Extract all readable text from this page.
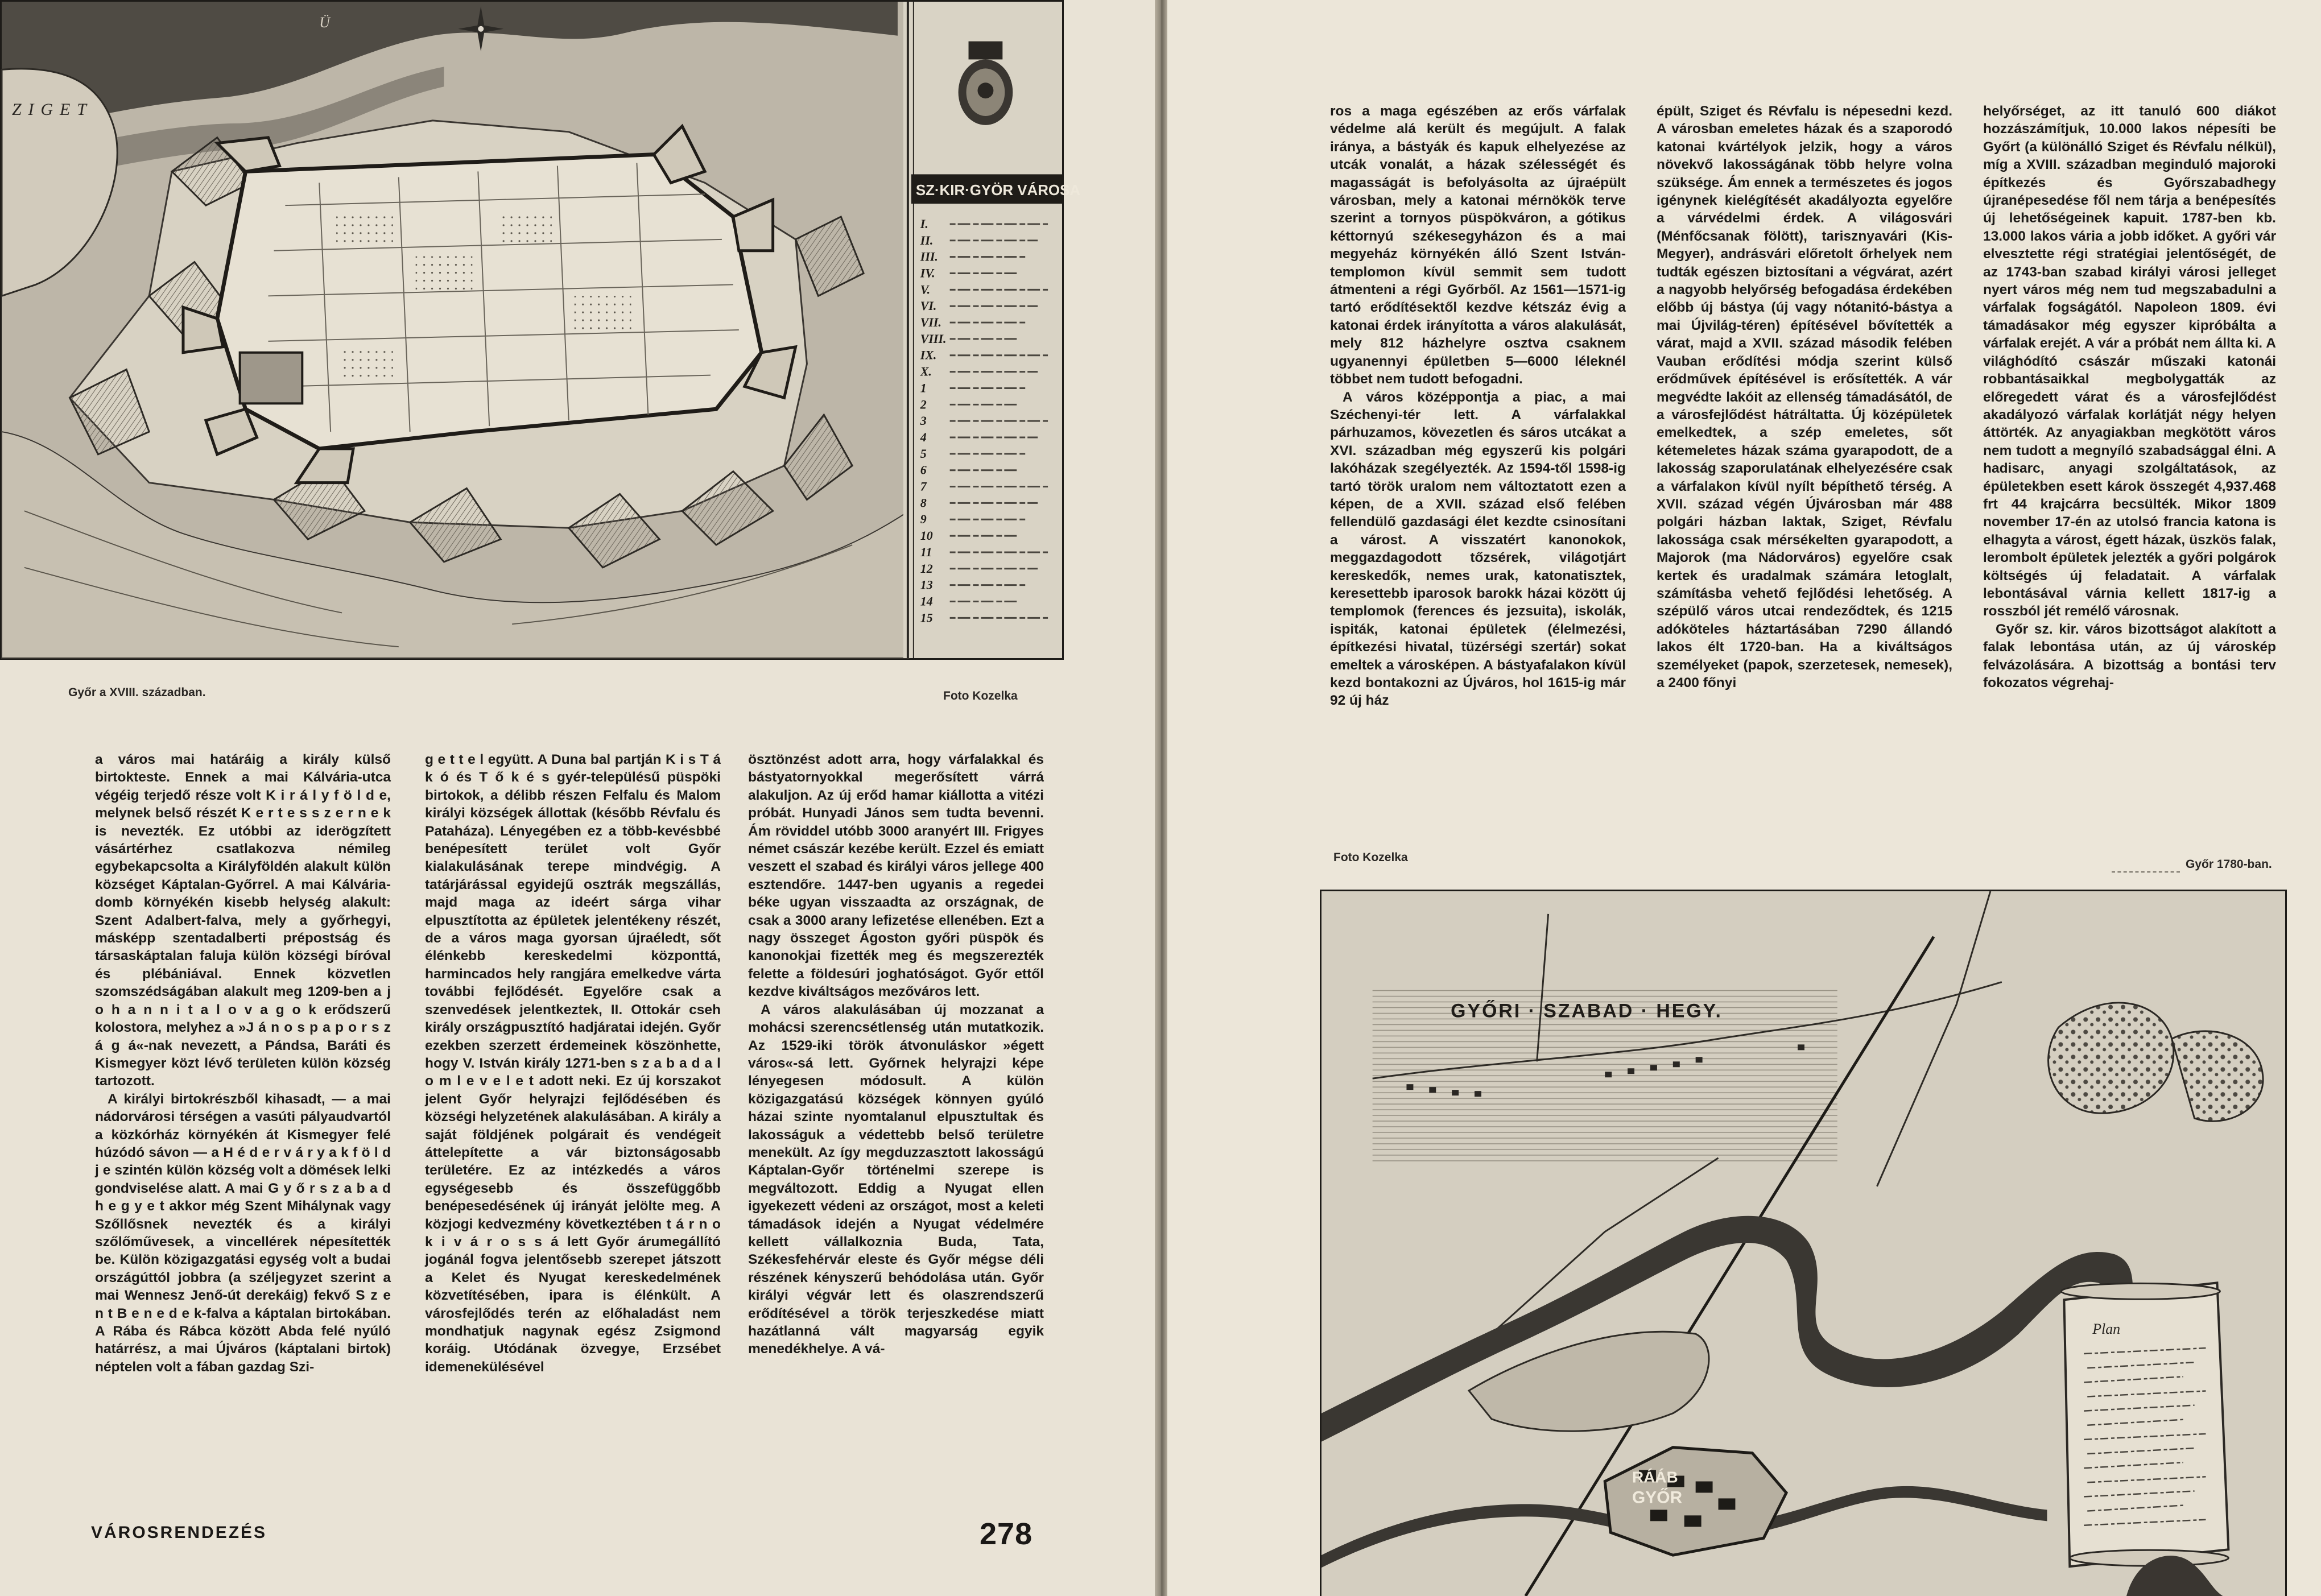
ZIGET
Ü
SZ·KIR·GYÖR VÁROSA
I.
II.
III.
IV.
V.
VI.
VII.
VIII.
IX.
X.
1
2
3
4
5
6
7
8
9
10
11
12
13
14
15
Győr a XVIII. században.	Foto Kozelka

a város mai határáig a király külső birtokteste. Ennek a mai Kálvária-utca végéig terjedő része volt K i r á l y f ö l d e, melynek belső részét K e r t e s s z e r n e k is nevezték. Ez utóbbi az iderögzített vásártérhez csatlakozva némileg egybekapcsolta a Királyföldén alakult külön községet Káptalan-Győrrel. A mai Kálvária-domb környékén kisebb helység alakult: Szent Adalbert-falva, mely a győrhegyi, másképp szentadalberti prépostság és társaskáptalan faluja külön községi bíróval és plébániával. Ennek közvetlen szomszédságában alakult meg 1209-ben a j o h a n n i t a l o v a g o k erődszerű kolostora, melyhez a »J á n o s p a p o r s z á g á«-nak nevezett, a Pándsa, Baráti és Kismegyer közt lévő területen külön község tartozott.

A királyi birtokrészből kihasadt, — a mai nádorvárosi térségen a vasúti pályaudvartól a közkórház környékén át Kismegyer felé húzódó sávon — a H é d e r v á r y a k f ö l d j e szintén külön község volt a dömések lelki gondviselése alatt. A mai G y ő r s z a b a d h e g y e t akkor még Szent Mihálynak vagy Szőllősnek nevezték és a királyi szőlőművesek, a vincellérek népesítették be. Külön közigazgatási egység volt a budai országúttól jobbra (a széljegyzet szerint a mai Wennesz Jenő-út derekáig) fekvő S z e n t B e n e d e k-falva a káptalan birtokában. A Rába és Rábca között Abda felé nyúló határrész, a mai Újváros (káptalani birtok) néptelen volt a fában gazdag Szi-

g e t t e l együtt. A Duna bal partján K i s T á k ó és T ő k é s gyér-településű püspöki birtokok, a délibb részen Felfalu és Malom királyi községek állottak (később Révfalu és Pataháza). Lényegében ez a több-kevésbbé benépesített terület volt Győr kialakulásának terepe mindvégig. A tatárjárással egyidejű osztrák megszállás, majd maga az ideért sárga vihar elpusztította az épületek jelentékeny részét, de a város maga gyorsan újraéledt, sőt élénkebb kereskedelmi központtá, harmincados hely rangjára emelkedve várta további fejlődését. Egyelőre csak a szenvedések jelentkeztek, II. Ottokár cseh király országpusztító hadjáratai idején. Győr ezekben szerzett érdemeinek köszönhette, hogy V. István király 1271-ben s z a b a d a l o m l e v e l e t adott neki. Ez új korszakot jelent Győr helyrajzi fejlődésében és községi helyzetének alakulásában. A király a saját földjének polgárait és vendégeit áttelepítette a vár biztonságosabb területére. Ez az intézkedés a város egységesebb és összefüggőbb benépesedésének új irányát jelölte meg. A közjogi kedvezmény következtében t á r n o k i v á r o s s á lett Győr árumegállító jogánál fogva jelentősebb szerepet játszott a Kelet és Nyugat kereskedelmének közvetítésében, ipara is élénkült. A városfejlődés terén az előhaladást nem mondhatjuk nagynak egész Zsigmond koráig. Utódának özvegye, Erzsébet idemenekülésével

ösztönzést adott arra, hogy várfalakkal és bástyatornyokkal megerősített várrá alakuljon. Az új erőd hamar kiállotta a vitézi próbát. Hunyadi János sem tudta bevenni. Ám röviddel utóbb 3000 aranyért III. Frigyes német császár kezébe került. Ezzel és emiatt veszett el szabad és királyi város jellege 400 esztendőre. 1447-ben ugyanis a regedei béke ugyan visszaadta az országnak, de csak a 3000 arany lefizetése ellenében. Ezt a nagy összeget Ágoston győri püspök és kanonokjai fizették meg és megszerezték felette a földesúri joghatóságot. Győr ettől kezdve kiváltságos mezőváros lett.

A város alakulásában új mozzanat a mohácsi szerencsétlenség után mutatkozik. Az 1529-iki török átvonuláskor »égett város«-sá lett. Győrnek helyrajzi képe lényegesen módosult. A külön közigazgatású községek könnyen gyúló házai szinte nyomtalanul elpusztultak és lakosságuk a védettebb belső területre menekült. Az így megduzzasztott lakosságú Káptalan-Győr történelmi szerepe is megváltozott. Eddig a Nyugat ellen igyekezett védeni az országot, most a keleti támadások idején a Nyugat védelmére kellett vállalkoznia Buda, Tata, Székesfehérvár eleste és Győr mégse déli részének kényszerű behódolása után. Győr királyi végvár lett és olaszrendszerű erődítésével a török terjeszkedése miatt hazátlanná vált magyarság egyik menedékhelye. A vá-

VÁROSRENDEZÉS	278

ros a maga egészében az erős várfalak védelme alá került és megújult. A falak iránya, a bástyák és kapuk elhelyezése az utcák vonalát, a házak szélességét és magasságát is befolyásolta az újraépült városban, mely a katonai mérnökök terve szerint a tornyos püspökváron, a gótikus kéttornyú székesegyházon és a mai megyeház környékén álló Szent István-templomon kívül semmit sem tudott átmenteni a régi Győrből. Az 1561—1571-ig tartó erődítésektől kezdve kétszáz évig a katonai érdek irányította a város alakulását, mely 812 házhelyre osztva csaknem ugyanennyi épületben 5—6000 léleknél többet nem tudott befogadni.

A város középpontja a piac, a mai Széchenyi-tér lett. A várfalakkal párhuzamos, kövezetlen és sáros utcákat a XVI. században még egyszerű kis polgári lakóházak szegélyezték. Az 1594-től 1598-ig tartó török uralom nem változtatott ezen a képen, de a XVII. század első felében fellendülő gazdasági élet kezdte csinosítani a várost. A visszatért kanonokok, meggazdagodott tőzsérek, világotjárt kereskedők, nemes urak, katonatisztek, keresettebb iparosok barokk házai között új templomok (ferences és jezsuita), iskolák, ispiták, katonai épületek (élelmezési, építkezési hivatal, tüzérségi szertár) sokat emeltek a városképen. A bástyafalakon kívül kezd bontakozni az Újváros, hol 1615-ig már 92 új ház

épült, Sziget és Révfalu is népesedni kezd. A városban emeletes házak és a szaporodó katonai kvártélyok jelzik, hogy a város növekvő lakosságának több helyre volna szüksége. Ám ennek a természetes és jogos igénynek kielégítését akadályozta egyelőre a várvédelmi érdek. A világosvári (Ménfőcsanak fölött), tarisznyavári (Kis-Megyer), andrásvári előretolt őrhelyek nem tudták egészen biztosítani a végvárat, azért a nagyobb helyőrség befogadása érdekében előbb új bástya (új vagy nótanitó-bástya a mai Újvilág-téren) építésével bővítették a várat, majd a XVII. század második felében Vauban erődítési módja szerint külső erődművek építésével is erősítették. A vár megvédte lakóit az ellenség támadásától, de a városfejlődést hátráltatta. Új középületek emelkedtek, a szép emeletes, sőt kétemeletes házak száma gyarapodott, de a lakosság szaporulatának elhelyezésére csak a várfalakon kívül nyílt bépíthető térség. A XVII. század végén Újvárosban már 488 polgári házban laktak, Sziget, Révfalu lakossága csak mérsékelten gyarapodott, a Majorok (ma Nádorváros) egyelőre csak kertek és uradalmak számára letoglalt, számításba vehető fejlődési lehetőség. A szépülő város utcai rendeződtek, és 1215 adóköteles háztartásában 7290 állandó lakos élt 1720-ban. Ha a kiváltságos személyeket (papok, szerzetesek, nemesek), a 2400 főnyi

helyőrséget, az itt tanuló 600 diákot hozzászámítjuk, 10.000 lakos népesíti be Győrt (a különálló Sziget és Révfalu nélkül), míg a XVIII. században meginduló majoroki építkezés és Győrszabadhegy újranépesedése fől nem tárja a benépesítés új lehetőségeinek kapuit. 1787-ben kb. 13.000 lakos vária a jobb időket. A győri vár elvesztette régi stratégiai jelentőségét, de az 1743-ban szabad királyi városi jelleget nyert város még nem tud megszabadulni a várfalak fogságától. Napoleon 1809. évi támadásakor még egyszer kipróbálta a várfalak erejét. A vár a próbát nem állta ki. A világhódító császár műszaki katonái robbantásaikkal megbolygatták az előregedett várat és a városfejlődést akadályozó várfalak korlátját négy helyen áttörték. Az anyagiakban megkötött város nem tudott a megnyíló szabadsággal élni. A hadisarc, anyagi szolgáltatások, az épületekben esett károk összegét 4,937.468 frt 44 krajcárra becsülték. Mikor 1809 november 17-én az utolsó francia katona is elhagyta a várost, égett házak, üszkös falak, lerombolt épületek jelezték a győri polgárok költségés új feladatait. A várfalak lebontásával várnia kellett 1817-ig a rosszból jét remélő városnak.

Győr sz. kir. város bizottságot alakított a falak lebontása után, az új városkép felvázolására. A bizottság a bontási terv fokozatos végrehaj-

Foto Kozelka
Győr 1780-ban.
GYŐRI · SZABAD · HEGY.
RÁÁB
GYŐR
Plan
